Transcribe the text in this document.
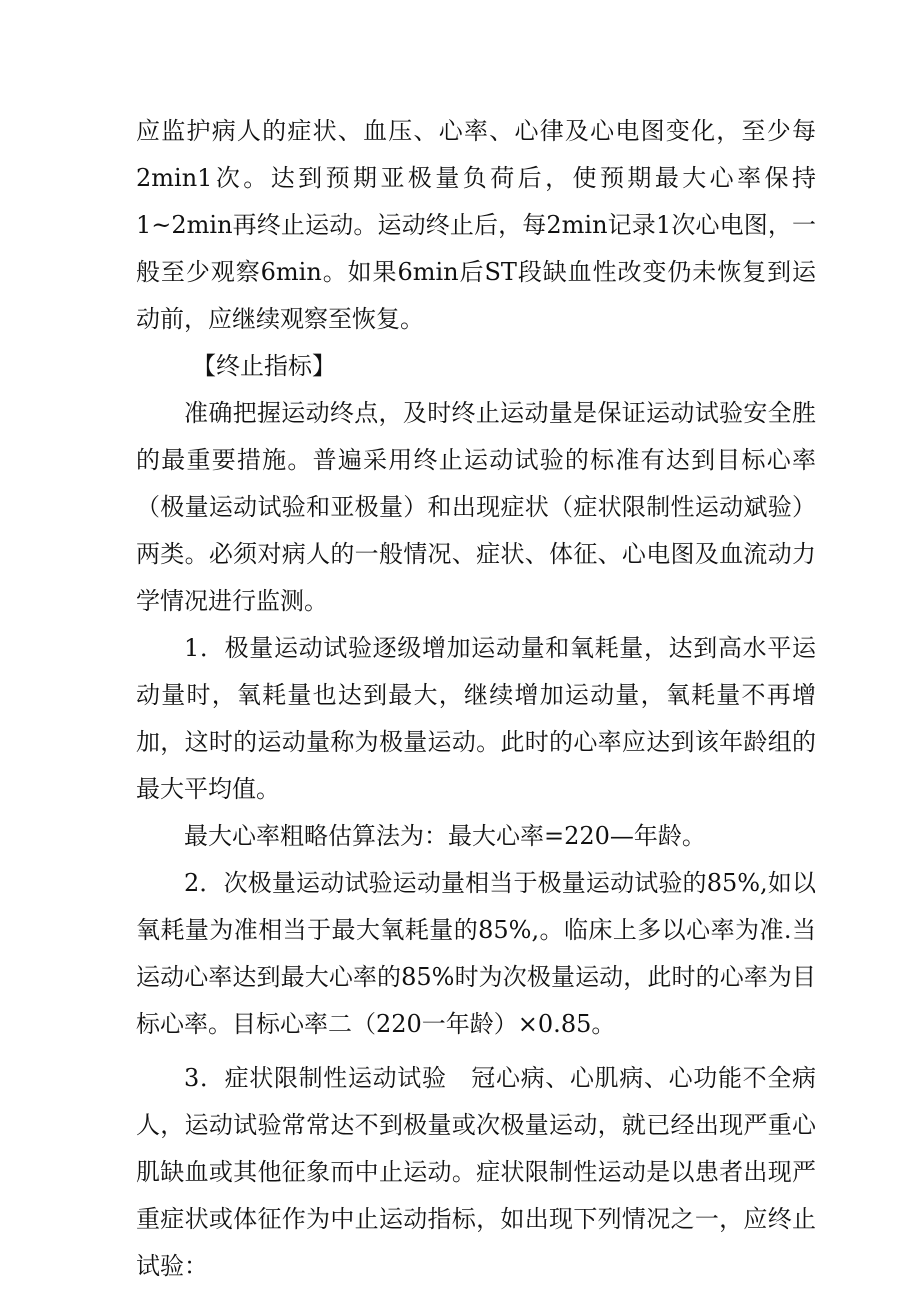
应监护病人的症状、血压、心率、心律及心电图变化，至少每2min1次。达到预期亚极量负荷后，使预期最大心率保持1~2min再终止运动。运动终止后，每2min记录1次心电图，一般至少观察6min。如果6min后ST段缺血性改变仍未恢复到运动前，应继续观察至恢复。

【终止指标】

准确把握运动终点，及时终止运动量是保证运动试验安全胜的最重要措施。普遍采用终止运动试验的标准有达到目标心率（极量运动试验和亚极量）和出现症状（症状限制性运动斌验）两类。必须对病人的一般情况、症状、体征、心电图及血流动力学情况进行监测。

1．极量运动试验逐级增加运动量和氧耗量，达到高水平运动量时，氧耗量也达到最大，继续增加运动量，氧耗量不再增加，这时的运动量称为极量运动。此时的心率应达到该年龄组的最大平均值。

最大心率粗略估算法为：最大心率=220—年龄。

2．次极量运动试验运动量相当于极量运动试验的85%,如以氧耗量为准相当于最大氧耗量的85%,。临床上多以心率为准.当运动心率达到最大心率的85%时为次极量运动，此时的心率为目标心率。目标心率二（220一年龄）×0.85。

3．症状限制性运动试验　冠心病、心肌病、心功能不全病人，运动试验常常达不到极量或次极量运动，就已经出现严重心肌缺血或其他征象而中止运动。症状限制性运动是以患者出现严重症状或体征作为中止运动指标，如出现下列情况之一，应终止试验：
